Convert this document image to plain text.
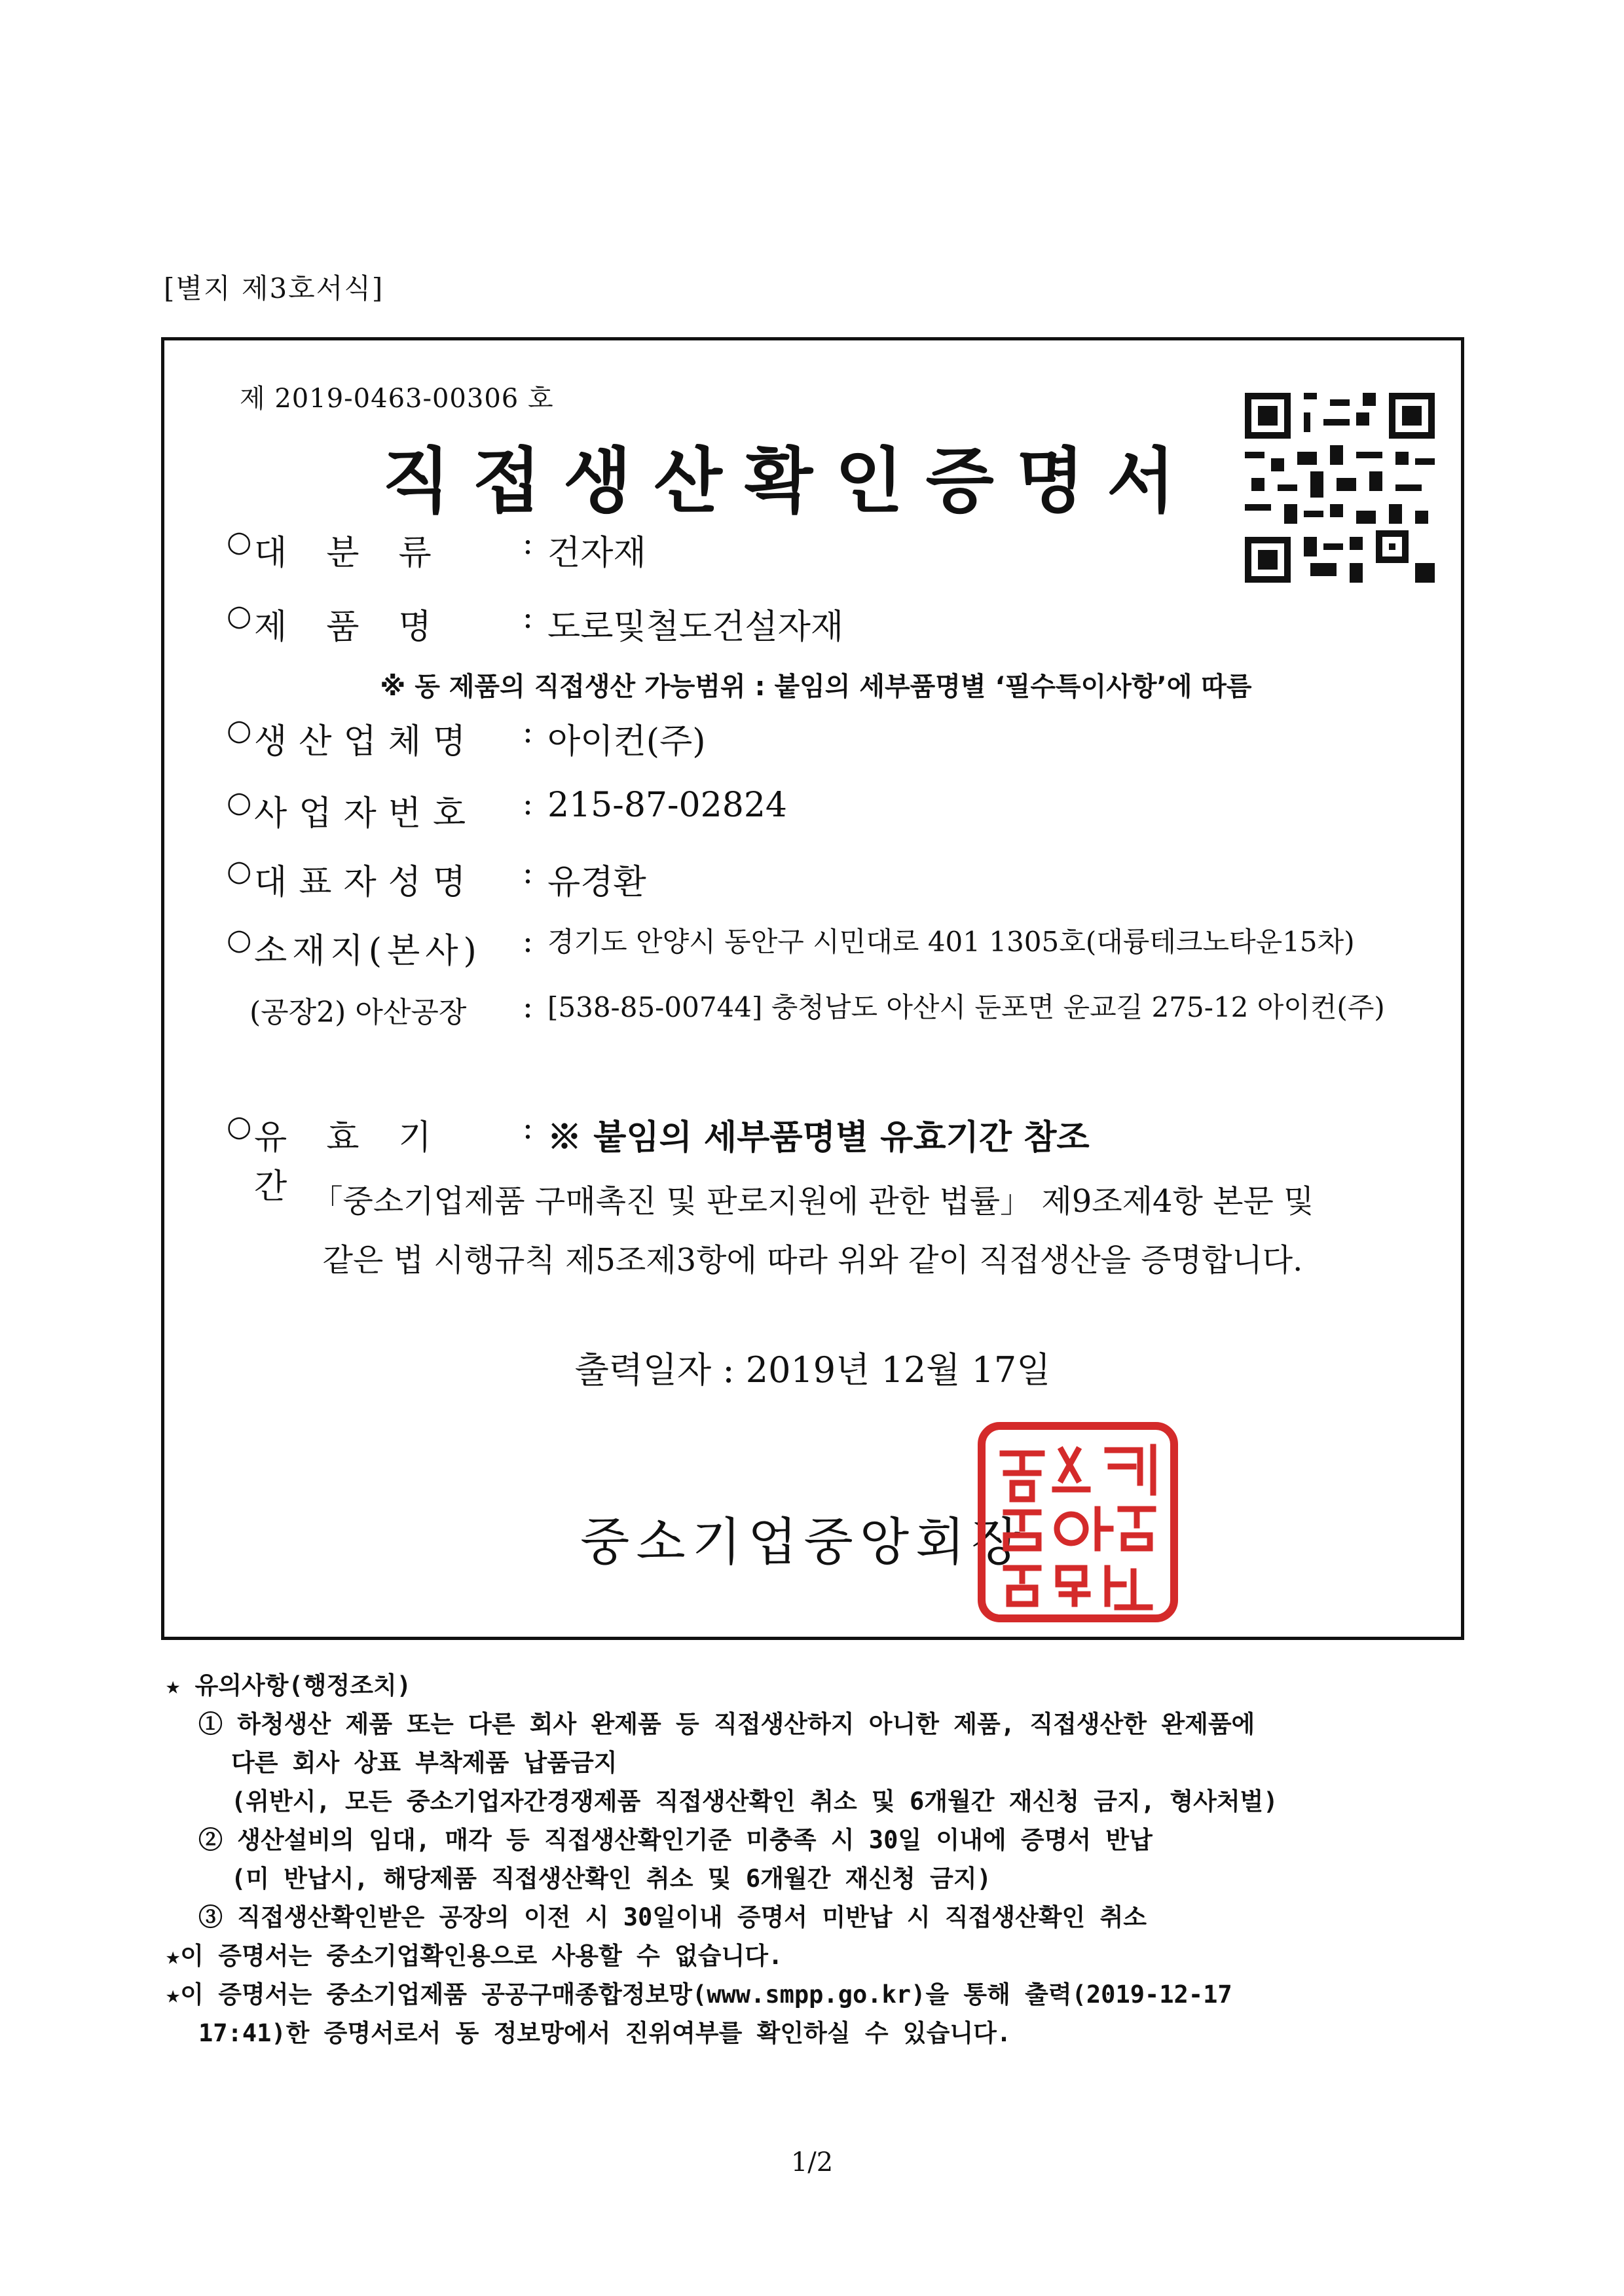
[별지 제3호서식]
제 2019-0463-00306 호
직접생산확인증명서
○ 대분류	: 건자재
○ 제품명	: 도로및철도건설자재
※ 동 제품의 직접생산 가능범위 : 붙임의 세부품명별 ‘필수특이사항’에 따름
○ 생산업체명	: 아이컨(주)
○ 사업자번호	: 215-87-02824
○ 대표자성명	: 유경환
○ 소재지(본사)	: 경기도 안양시 동안구 시민대로 401 1305호(대륭테크노타운15차)
(공장2) 아산공장	: [538-85-00744] 충청남도 아산시 둔포면 운교길 275-12 아이컨(주)
○ 유효기간
: ※ 붙임의 세부품명별 유효기간 참조
「중소기업제품 구매촉진 및 판로지원에 관한 법률」 제9조제4항 본문 및
같은 법 시행규칙 제5조제3항에 따라 위와 같이 직접생산을 증명합니다.
출력일자 : 2019년 12월 17일
중소기업중앙회장
★ 유의사항(행정조치)
① 하청생산 제품 또는 다른 회사 완제품 등 직접생산하지 아니한 제품, 직접생산한 완제품에
다른 회사 상표 부착제품 납품금지
(위반시, 모든 중소기업자간경쟁제품 직접생산확인 취소 및 6개월간 재신청 금지, 형사처벌)
② 생산설비의 임대, 매각 등 직접생산확인기준 미충족 시 30일 이내에 증명서 반납
(미 반납시, 해당제품 직접생산확인 취소 및 6개월간 재신청 금지)
③ 직접생산확인받은 공장의 이전 시 30일이내 증명서 미반납 시 직접생산확인 취소
★이 증명서는 중소기업확인용으로 사용할 수 없습니다.
★이 증명서는 중소기업제품 공공구매종합정보망(www.smpp.go.kr)을 통해 출력(2019-12-17
17:41)한 증명서로서 동 정보망에서 진위여부를 확인하실 수 있습니다.
1/2
